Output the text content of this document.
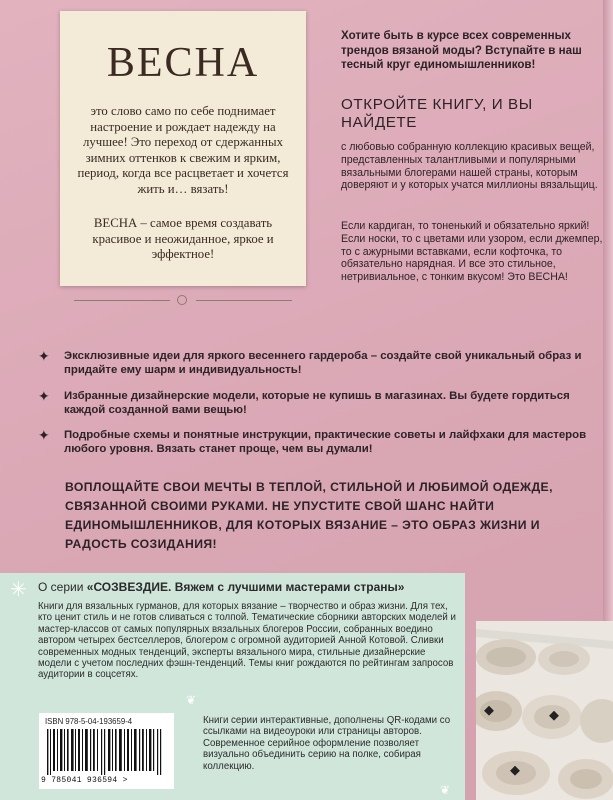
ВЕСНА
это слово само по себе поднимает настроение и рождает надежду на лучшее! Это переход от сдержанных зимних оттенков к свежим и ярким, период, когда все расцветает и хочется жить и… вязать!
ВЕСНА – самое время создавать красивое и неожиданное, яркое и эффектное!
Хотите быть в курсе всех современных трендов вязаной моды? Вступайте в наш тесный круг единомышленников!
ОТКРОЙТЕ КНИГУ, И ВЫ НАЙДЕТЕ
с любовью собранную коллекцию красивых вещей, представленных талантливыми и популярными вязальными блогерами нашей страны, которым доверяют и у которых учатся миллионы вязальщиц.
Если кардиган, то тоненький и обязательно яркий! Если носки, то с цветами или узором, если джемпер, то с ажурными вставками, если кофточка, то обязательно нарядная. И все это стильное, нетривиальное, с тонким вкусом! Это ВЕСНА!
✦ Эксклюзивные идеи для яркого весеннего гардероба – создайте свой уникальный образ и придайте ему шарм и индивидуальность!
✦ Избранные дизайнерские модели, которые не купишь в магазинах. Вы будете гордиться каждой созданной вами вещью!
✦ Подробные схемы и понятные инструкции, практические советы и лайфхаки для мастеров любого уровня. Вязать станет проще, чем вы думали!
ВОПЛОЩАЙТЕ СВОИ МЕЧТЫ В ТЕПЛОЙ, СТИЛЬНОЙ И ЛЮБИМОЙ ОДЕЖДЕ, СВЯЗАННОЙ СВОИМИ РУКАМИ. НЕ УПУСТИТЕ СВОЙ ШАНС НАЙТИ ЕДИНОМЫШЛЕННИКОВ, ДЛЯ КОТОРЫХ ВЯЗАНИЕ – ЭТО ОБРАЗ ЖИЗНИ И РАДОСТЬ СОЗИДАНИЯ!
✳ О серии «СОЗВЕЗДИЕ. Вяжем с лучшими мастерами страны»
Книги для вязальных гурманов, для которых вязание – творчество и образ жизни. Для тех, кто ценит стиль и не готов сливаться с толпой. Тематические сборники авторских моделей и мастер-классов от самых популярных вязальных блогеров России, собранных воедино автором четырех бестселлеров, блогером с огромной аудиторией Анной Котовой. Сливки современных модных тенденций, эксперты вязального мира, стильные дизайнерские модели с учетом последних фэшн-тенденций. Темы книг рождаются по рейтингам запросов аудитории в соцсетях.
Книги серии интерактивные, дополнены QR-кодами со ссылками на видеоуроки или страницы авторов. Современное серийное оформление позволяет визуально объединить серию на полке, собирая коллекцию.
❦
❦
ISBN 978-5-04-193659-4
9 785041 936594 >
